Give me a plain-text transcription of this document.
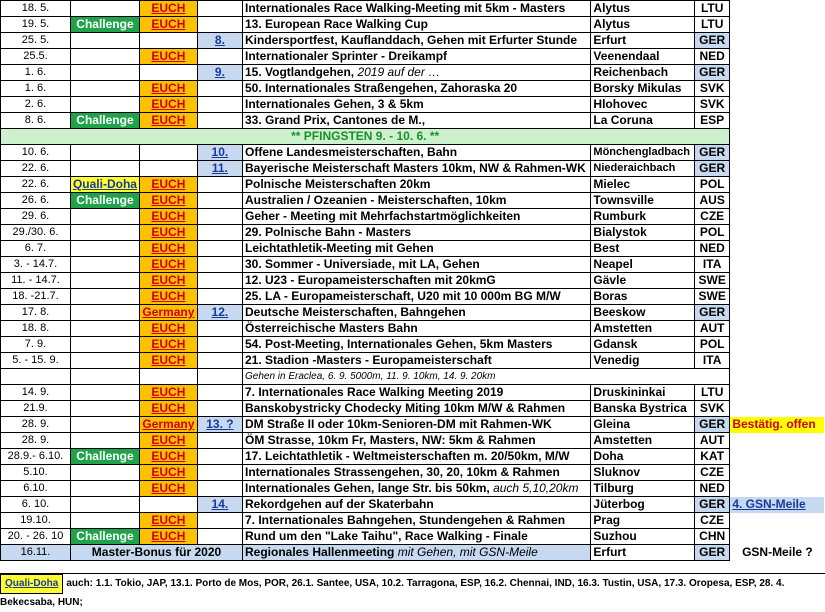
18. 5.		EUCH		Internationales Race Walking-Meeting mit 5km - Masters	Alytus	LTU	
19. 5.	Challenge	EUCH		13. European Race Walking Cup	Alytus	LTU	
25. 5.			8.	Kindersportfest, Kauflanddach, Gehen mit Erfurter Stunde	Erfurt	GER	
25.5.		EUCH		Internationaler Sprinter - Dreikampf	Veenendaal	NED	
1. 6.			9.	15. Vogtlandgehen, 2019 auf der …	Reichenbach	GER	
1. 6.		EUCH		50. Internationales Straßengehen, Zahoraska 20	Borsky Mikulas	SVK	
2. 6.		EUCH		Internationales Gehen, 3 & 5km	Hlohovec	SVK	
8. 6.	Challenge	EUCH		33. Grand Prix, Cantones de M.,	La Coruna	ESP	
** PFINGSTEN 9. - 10. 6. **							
10. 6.			10.	Offene Landesmeisterschaften, Bahn	Mönchengladbach	GER	
22. 6.			11.	Bayerische Meisterschaft Masters 10km, NW & Rahmen-WK	Niederaichbach	GER	
22. 6.	Quali-Doha	EUCH		Polnische Meisterschaften 20km	Mielec	POL	
26. 6.	Challenge	EUCH		Australien / Ozeanien - Meisterschaften, 10km	Townsville	AUS	
29. 6.		EUCH		Geher - Meeting mit Mehrfachstartmöglichkeiten	Rumburk	CZE	
29./30. 6.		EUCH		29. Polnische Bahn - Masters	Bialystok	POL	
6. 7.		EUCH		Leichtathletik-Meeting mit Gehen	Best	NED	
3. - 14.7.		EUCH		30. Sommer - Universiade, mit LA, Gehen	Neapel	ITA	
11. - 14.7.		EUCH		12. U23 - Europameisterschaften mit 20kmG	Gävle	SWE	
18. -21.7.		EUCH		25. LA - Europameisterschaft, U20 mit 10 000m BG M/W	Boras	SWE	
17. 8.		Germany	12.	Deutsche Meisterschaften, Bahngehen	Beeskow	GER	
18. 8.		EUCH		Österreichische Masters Bahn	Amstetten	AUT	
7. 9.		EUCH		54. Post-Meeting, Internationales Gehen, 5km Masters	Gdansk	POL	
5. - 15. 9.		EUCH		21. Stadion -Masters - Europameisterschaft	Venedig	ITA	
				Gehen in Eraclea, 6. 9. 5000m, 11. 9. 10km, 14. 9. 20km			
14. 9.		EUCH		7. Internationales Race Walking Meeting 2019	Druskininkai	LTU	
21.9.		EUCH		Banskobystricky Chodecky Miting 10km M/W & Rahmen	Banska Bystrica	SVK	
28. 9.		Germany	13. ?	DM Straße II oder 10km-Senioren-DM mit Rahmen-WK	Gleina	GER	Bestätig. offen
28. 9.		EUCH		ÖM Strasse, 10km Fr, Masters, NW: 5km & Rahmen	Amstetten	AUT	
28.9.- 6.10.	Challenge	EUCH		17. Leichtathletik - Weltmeisterschaften m. 20/50km, M/W	Doha	KAT	
5.10.		EUCH		Internationales Strassengehen, 30, 20, 10km & Rahmen	Sluknov	CZE	
6.10.		EUCH		Internationales Gehen, lange Str. bis 50km, auch 5,10,20km	Tilburg	NED	
6. 10.			14.	Rekordgehen auf der Skaterbahn	Jüterbog	GER	4. GSN-Meile
19.10.		EUCH		7. Internationales Bahngehen, Stundengehen & Rahmen	Prag	CZE	
20. - 26. 10	Challenge	EUCH		Rund um den "Lake Taihu", Race Walking - Finale	Suzhou	CHN	
16.11.	Master-Bonus für 2020			Regionales Hallenmeeting mit Gehen, mit GSN-Meile	Erfurt	GER	GSN-Meile ?
Quali-Doha auch: 1.1. Tokio, JAP, 13.1. Porto de Mos, POR, 26.1. Santee, USA, 10.2. Tarragona, ESP, 16.2. Chennai, IND, 16.3. Tustin, USA, 17.3. Oropesa, ESP, 28. 4. Bekecsaba, HUN;
